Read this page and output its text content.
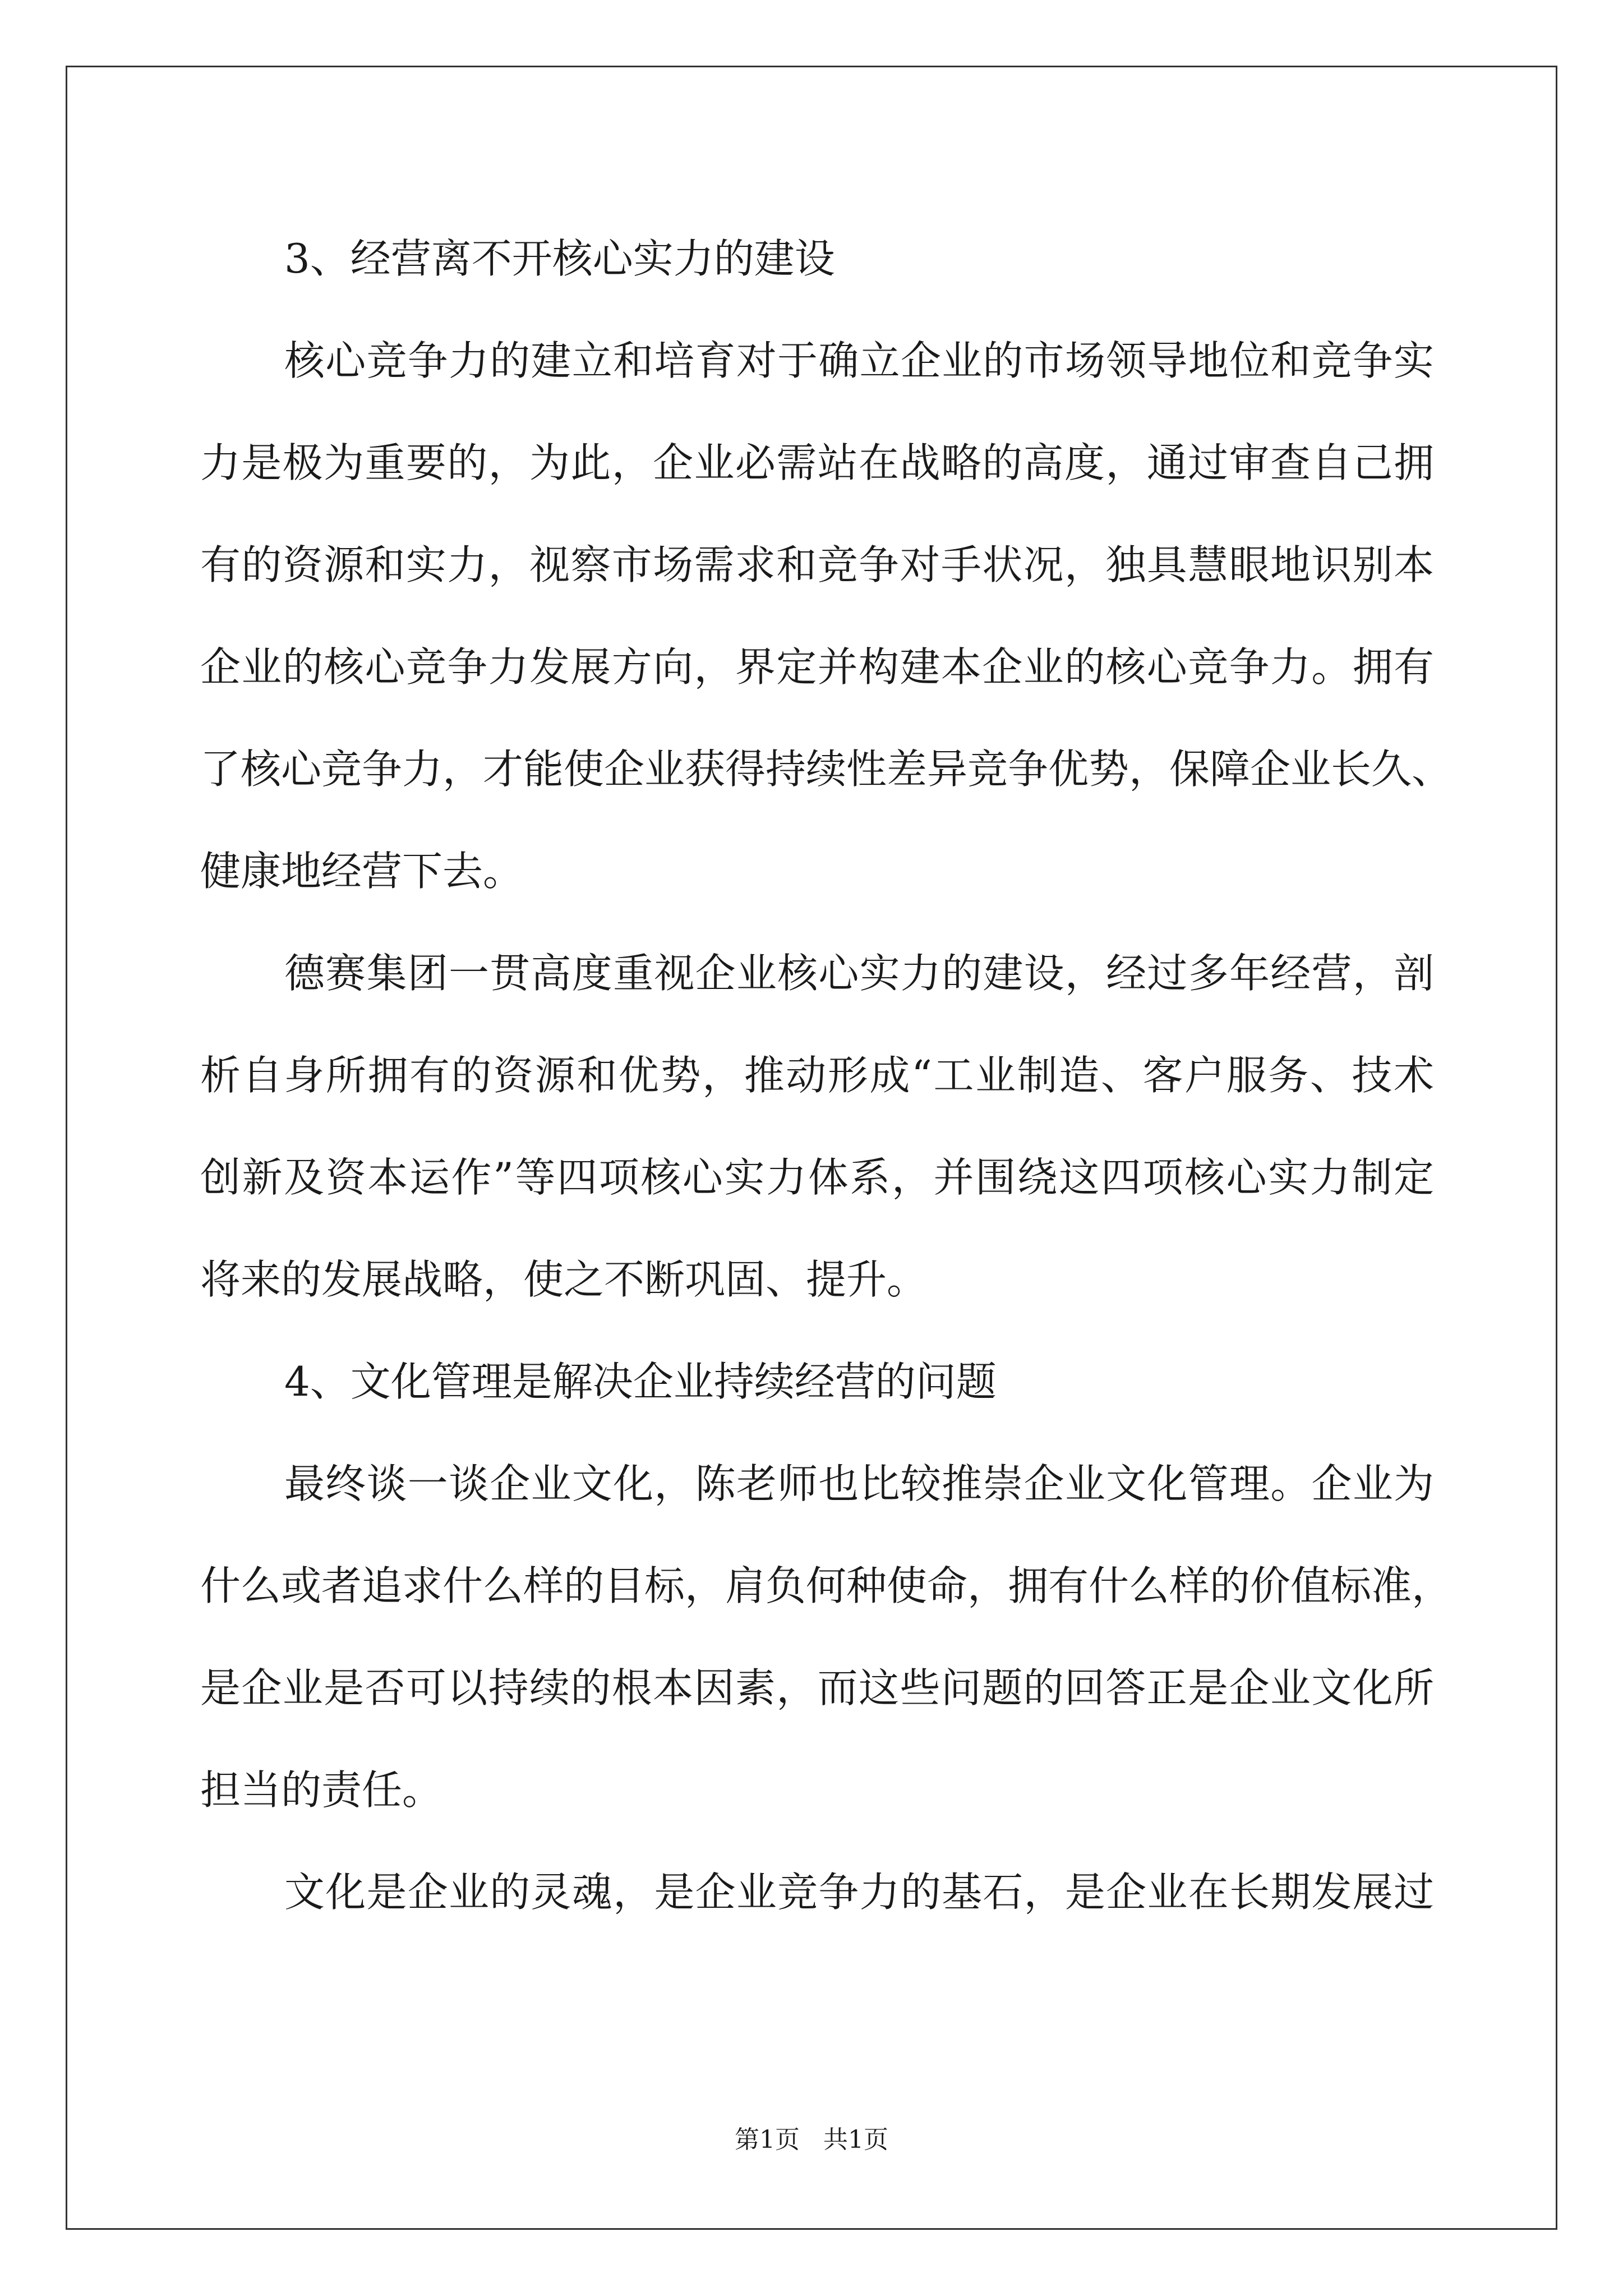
3、经营离不开核心实力的建设
核心竞争力的建立和培育对于确立企业的市场领导地位和竞争实
力是极为重要的，为此，企业必需站在战略的高度，通过审查自己拥
有的资源和实力，视察市场需求和竞争对手状况，独具慧眼地识别本
企业的核心竞争力发展方向，界定并构建本企业的核心竞争力。拥有
了核心竞争力，才能使企业获得持续性差异竞争优势，保障企业长久、
健康地经营下去。
德赛集团一贯高度重视企业核心实力的建设，经过多年经营，剖
析自身所拥有的资源和优势，推动形成“工业制造、客户服务、技术
创新及资本运作”等四项核心实力体系，并围绕这四项核心实力制定
将来的发展战略，使之不断巩固、提升。
4、文化管理是解决企业持续经营的问题
最终谈一谈企业文化，陈老师也比较推崇企业文化管理。企业为
什么或者追求什么样的目标，肩负何种使命，拥有什么样的价值标准，
是企业是否可以持续的根本因素，而这些问题的回答正是企业文化所
担当的责任。
文化是企业的灵魂，是企业竞争力的基石，是企业在长期发展过
第1页   共1页
